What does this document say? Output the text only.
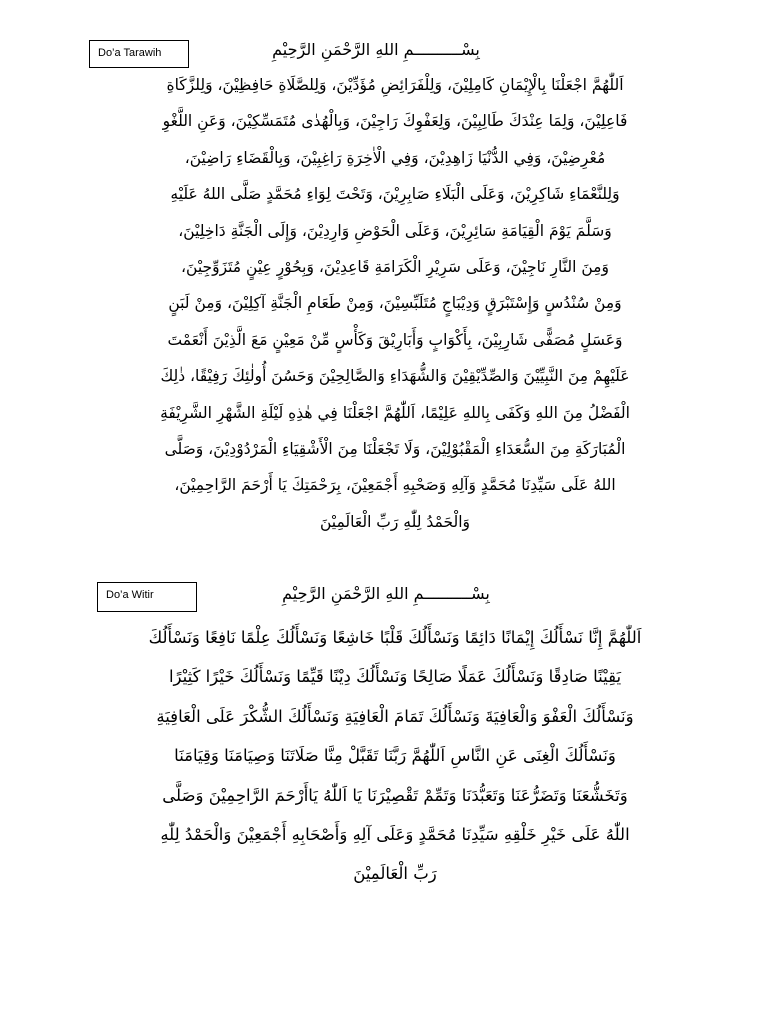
Do’a Tarawih	بِسْــــــــــمِ اللهِ الرَّحْمَنِ الرَّحِيْمِ
اَللّٰهُمَّ اجْعَلْنَا بِالْإِيْمَانِ كَامِلِيْنَ، وَلِلْفَرَائِضِ مُؤَدِّيْنَ، وَلِلصَّلَاةِ حَافِظِيْنَ، وَلِلزَّكَاةِ
فَاعِلِيْنَ، وَلِمَا عِنْدَكَ طَالِبِيْنَ، وَلِعَفْوِكَ رَاجِيْنَ، وَبِالْهُدٰى مُتَمَسِّكِيْنَ، وَعَنِ اللَّغْوِ
مُعْرِضِيْنَ، وَفِي الدُّنْيَا زَاهِدِيْنَ، وَفِي الْاٰخِرَةِ رَاغِبِيْنَ، وَبِالْقَضَاءِ رَاضِيْنَ،
وَلِلنَّعْمَاءِ شَاكِرِيْنَ، وَعَلَى الْبَلَاءِ صَابِرِيْنَ، وَتَحْتَ لِوَاءِ مُحَمَّدٍ صَلَّى اللهُ عَلَيْهِ
وَسَلَّمَ يَوْمَ الْقِيَامَةِ سَائِرِيْنَ، وَعَلَى الْحَوْضِ وَارِدِيْنَ، وَإِلَى الْجَنَّةِ دَاخِلِيْنَ،
وَمِنَ النَّارِ نَاجِيْنَ، وَعَلَى سَرِيْرِ الْكَرَامَةِ قَاعِدِيْنَ، وَبِحُوْرٍ عِيْنٍ مُتَزَوِّجِيْنَ،
وَمِنْ سُنْدُسٍ وَإِسْتَبْرَقٍ وَدِيْبَاجٍ مُتَلَبِّسِيْنَ، وَمِنْ طَعَامِ الْجَنَّةِ آكِلِيْنَ، وَمِنْ لَبَنٍ
وَعَسَلٍ مُصَفًّى شَارِبِيْنَ، بِأَكْوَابٍ وَأَبَارِيْقَ وَكَأْسٍ مِّنْ مَعِيْنٍ مَعَ الَّذِيْنَ أَنْعَمْتَ
عَلَيْهِمْ مِنَ النَّبِيِّيْنَ وَالصِّدِّيْقِيْنَ وَالشُّهَدَاءِ وَالصَّالِحِيْنَ وَحَسُنَ أُولٰئِكَ رَفِيْقًا، ذٰلِكَ
الْفَضْلُ مِنَ اللهِ وَكَفَى بِاللهِ عَلِيْمًا، اَللّٰهُمَّ اجْعَلْنَا فِي هٰذِهِ لَيْلَةِ الشَّهْرِ الشَّرِيْفَةِ
الْمُبَارَكَةِ مِنَ السُّعَدَاءِ الْمَقْبُوْلِيْنَ، وَلَا تَجْعَلْنَا مِنَ الْأَشْقِيَاءِ الْمَرْدُوْدِيْنَ، وَصَلَّى
اللهُ عَلَى سَيِّدِنَا مُحَمَّدٍ وَآلِهِ وَصَحْبِهِ أَجْمَعِيْنَ، بِرَحْمَتِكَ يَا أَرْحَمَ الرَّاحِمِيْنَ،
وَالْحَمْدُ لِلّٰهِ رَبِّ الْعَالَمِيْنَ
Do’a Witir	بِسْــــــــــمِ اللهِ الرَّحْمَنِ الرَّحِيْمِ
اَللّٰهُمَّ إِنَّا نَسْأَلُكَ إِيْمَانًا دَائِمًا وَنَسْأَلُكَ قَلْبًا خَاشِعًا وَنَسْأَلُكَ عِلْمًا نَافِعًا وَنَسْأَلُكَ
يَقِيْنًا صَادِقًا وَنَسْأَلُكَ عَمَلًا صَالِحًا وَنَسْأَلُكَ دِيْنًا قَيِّمًا وَنَسْأَلُكَ خَيْرًا كَثِيْرًا
وَنَسْأَلُكَ الْعَفْوَ وَالْعَافِيَةَ وَنَسْأَلُكَ تَمَامَ الْعَافِيَةِ وَنَسْأَلُكَ الشُّكْرَ عَلَى الْعَافِيَةِ
وَنَسْأَلُكَ الْغِنَى عَنِ النَّاسِ اَللّٰهُمَّ رَبَّنَا تَقَبَّلْ مِنَّا صَلَاتَنَا وَصِيَامَنَا وَقِيَامَنَا
وَتَخَشُّعَنَا وَتَضَرُّعَنَا وَتَعَبُّدَنَا وَتَمِّمْ تَقْصِيْرَنَا يَا اَللّٰهُ يَاأَرْحَمَ الرَّاحِمِيْنَ وَصَلَّى
اللّٰهُ عَلَى خَيْرِ خَلْقِهِ سَيِّدِنَا مُحَمَّدٍ وَعَلَى آلِهِ وَأَصْحَابِهِ أَجْمَعِيْنَ وَالْحَمْدُ لِلّٰهِ
رَبِّ الْعَالَمِيْنَ
